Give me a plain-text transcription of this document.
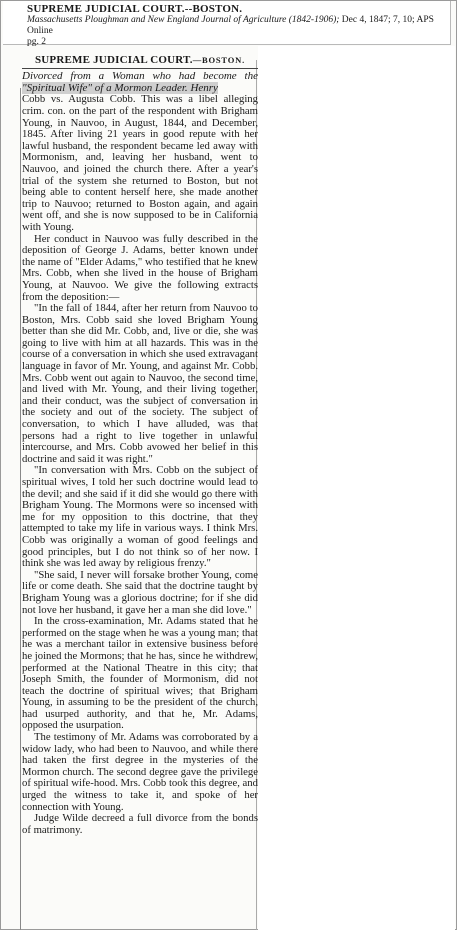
SUPREME JUDICIAL COURT.--BOSTON.
Massachusetts Ploughman and New England Journal of Agriculture (1842-1906); Dec 4, 1847; 7, 10; APS Online
pg. 2
SUPREME JUDICIAL COURT.—BOSTON.
Divorced from a Woman who had become the "Spiritual Wife" of a Mormon Leader. Henry

Cobb vs. Augusta Cobb. This was a libel alleging crim. con. on the part of the respondent with Brigham Young, in Nauvoo, in August, 1844, and December, 1845. After living 21 years in good repute with her lawful husband, the respondent became led away with Mormonism, and, leaving her husband, went to Nauvoo, and joined the church there. After a year's trial of the system she returned to Boston, but not being able to content herself here, she made another trip to Nauvoo; returned to Boston again, and again went off, and she is now supposed to be in California with Young.

Her conduct in Nauvoo was fully described in the deposition of George J. Adams, better known under the name of "Elder Adams," who testified that he knew Mrs. Cobb, when she lived in the house of Brigham Young, at Nauvoo. We give the following extracts from the deposition:—

"In the fall of 1844, after her return from Nauvoo to Boston, Mrs. Cobb said she loved Brigham Young better than she did Mr. Cobb, and, live or die, she was going to live with him at all hazards. This was in the course of a conversation in which she used extravagant language in favor of Mr. Young, and against Mr. Cobb. Mrs. Cobb went out again to Nauvoo, the second time, and lived with Mr. Young, and their living together, and their conduct, was the subject of conversation in the society and out of the society. The subject of conversation, to which I have alluded, was that persons had a right to live together in unlawful intercourse, and Mrs. Cobb avowed her belief in this doctrine and said it was right."

"In conversation with Mrs. Cobb on the subject of spiritual wives, I told her such doctrine would lead to the devil; and she said if it did she would go there with Brigham Young. The Mormons were so incensed with me for my opposition to this doctrine, that they attempted to take my life in various ways. I think Mrs. Cobb was originally a woman of good feelings and good principles, but I do not think so of her now. I think she was led away by religious frenzy."

"She said, I never will forsake brother Young, come life or come death. She said that the doctrine taught by Brigham Young was a glorious doctrine; for if she did not love her husband, it gave her a man she did love."

In the cross-examination, Mr. Adams stated that he performed on the stage when he was a young man; that he was a merchant tailor in extensive business before he joined the Mormons; that he has, since he withdrew, performed at the National Theatre in this city; that Joseph Smith, the founder of Mormonism, did not teach the doctrine of spiritual wives; that Brigham Young, in assuming to be the president of the church, had usurped authority, and that he, Mr. Adams, opposed the usurpation.

The testimony of Mr. Adams was corroborated by a widow lady, who had been to Nauvoo, and while there had taken the first degree in the mysteries of the Mormon church. The second degree gave the privilege of spiritual wife-hood. Mrs. Cobb took this degree, and urged the witness to take it, and spoke of her connection with Young.

Judge Wilde decreed a full divorce from the bonds of matrimony.
